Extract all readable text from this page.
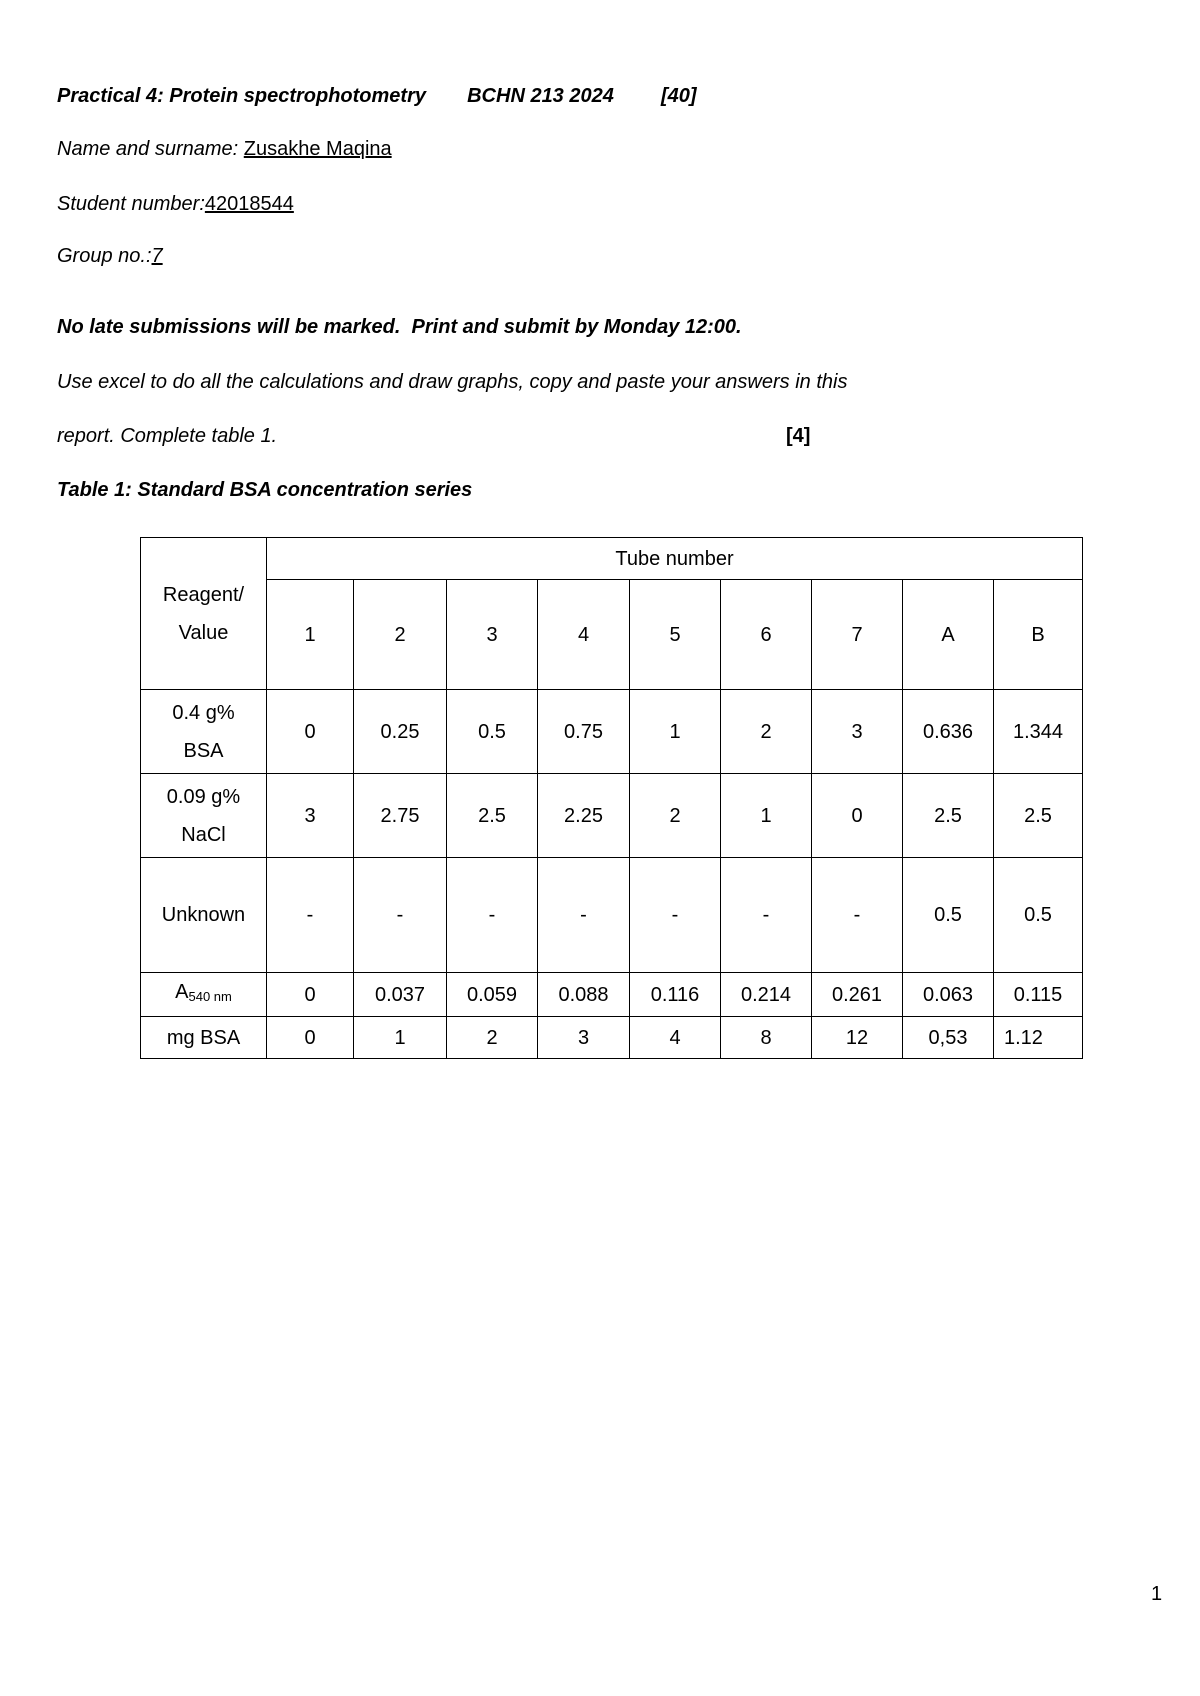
Practical 4: Protein spectrophotometry BCHN 213 2024 [40]
Name and surname: Zusakhe Maqina
Student number:42018544
Group no.:7
No late submissions will be marked.  Print and submit by Monday 12:00.
Use excel to do all the calculations and draw graphs, copy and paste your answers in this
report. Complete table 1.	[4]
Table 1: Standard BSA concentration series
Reagent/
Value	Tube number								
	1	2	3	4	5	6	7	A	B

0.4 g%
BSA	0	0.25	0.5	0.75	1	2	3	0.636	1.344

0.09 g%
NaCl	3	2.75	2.5	2.25	2	1	0	2.5	2.5
Unknown	-	-	-	-	-	-	-	0.5	0.5
$A_{540 nm}$	0	0.037	0.059	0.088	0.116	0.214	0.261	0.063	0.115
mg BSA	0	1	2	3	4	8	12	0,53	1.12
1
